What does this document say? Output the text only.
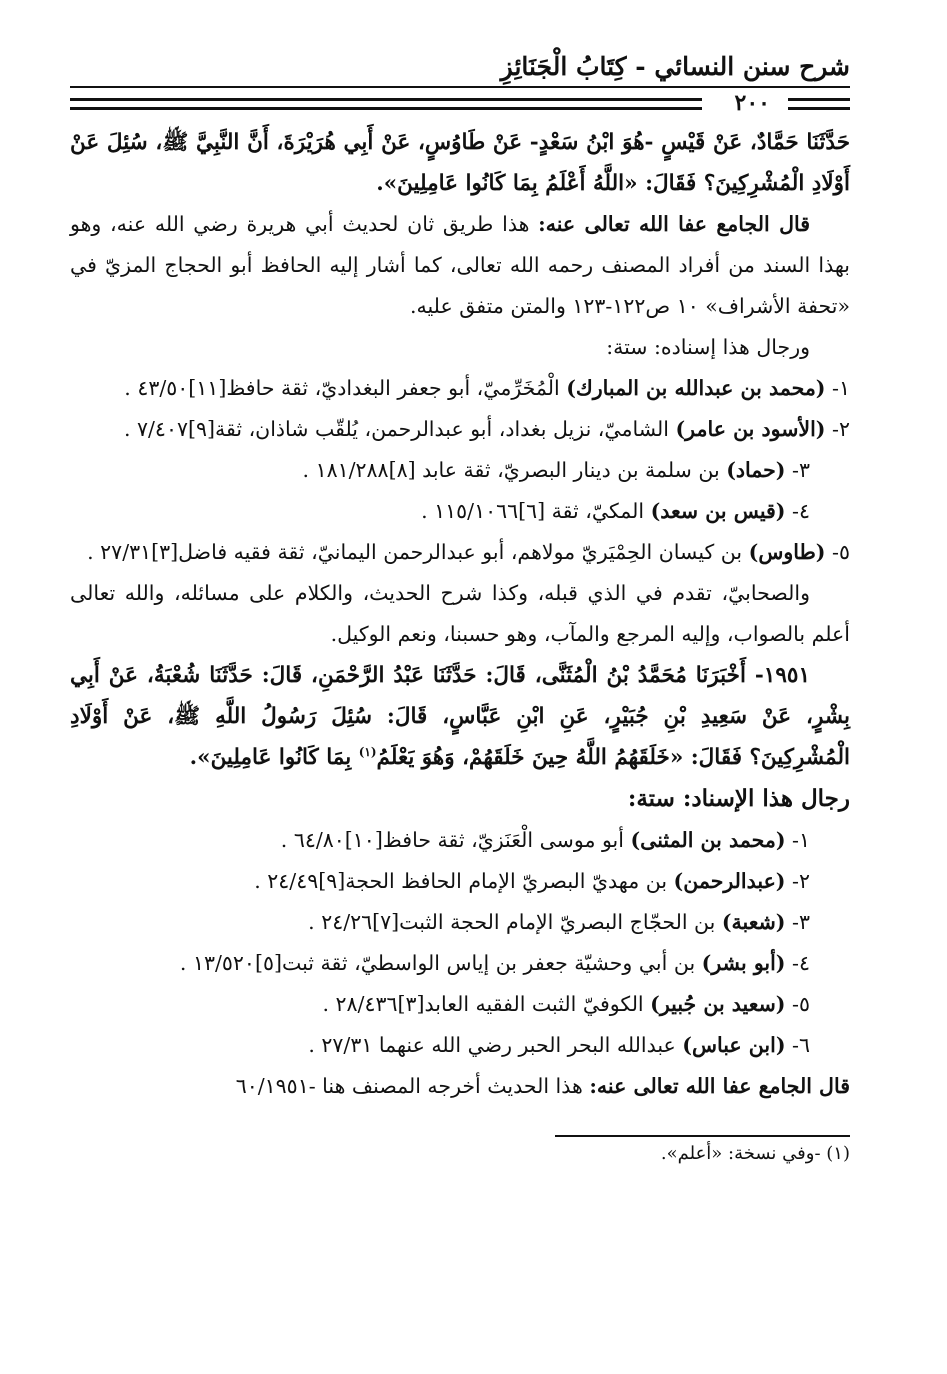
شرح سنن النسائي - كِتَابُ الْجَنَائِزِ
٢٠٠

حَدَّثَنَا حَمَّادٌ، عَنْ قَيْسٍ -هُوَ ابْنُ سَعْدٍ- عَنْ طَاوُسٍ، عَنْ أَبِي هُرَيْرَةَ، أَنَّ النَّبِيَّ ﷺ، سُئِلَ عَنْ أَوْلَادِ الْمُشْرِكِينَ؟ فَقَالَ: «اللَّهُ أَعْلَمُ بِمَا كَانُوا عَامِلِينَ».

قال الجامع عفا الله تعالى عنه: هذا طريق ثان لحديث أبي هريرة رضي الله عنه، وهو بهذا السند من أفراد المصنف رحمه الله تعالى، كما أشار إليه الحافظ أبو الحجاج المزيّ في «تحفة الأشراف» ١٠ ص١٢٢-١٢٣ والمتن متفق عليه.

ورجال هذا إسناده: ستة:

١- (محمد بن عبدالله بن المبارك) الْمُخَرِّميّ، أبو جعفر البغداديّ، ثقة حافظ[١١]٤٣/٥٠ .

٢- (الأسود بن عامر) الشاميّ، نزيل بغداد، أبو عبدالرحمن، يُلقّب شاذان، ثقة[٩]٧/٤٠٧ .

٣- (حماد) بن سلمة بن دينار البصريّ، ثقة عابد [٨]١٨١/٢٨٨ .

٤- (قيس بن سعد) المكيّ، ثقة [٦]١١٥/١٠٦٦ .

٥- (طاوس) بن كيسان الحِمْيَريّ مولاهم، أبو عبدالرحمن اليمانيّ، ثقة فقيه فاضل[٣]٢٧/٣١ .

والصحابيّ، تقدم في الذي قبله، وكذا شرح الحديث، والكلام على مسائله، والله تعالى أعلم بالصواب، وإليه المرجع والمآب، وهو حسبنا، ونعم الوكيل.

١٩٥١- أَخْبَرَنَا مُحَمَّدُ بْنُ الْمُثَنَّى، قَالَ: حَدَّثَنَا عَبْدُ الرَّحْمَنِ، قَالَ: حَدَّثَنَا شُعْبَةُ، عَنْ أَبِي بِشْرٍ، عَنْ سَعِيدِ بْنِ جُبَيْرٍ، عَنِ ابْنِ عَبَّاسٍ، قَالَ: سُئِلَ رَسُولُ اللَّهِ ﷺ، عَنْ أَوْلَادِ الْمُشْرِكِينَ؟ فَقَالَ: «خَلَقَهُمُ اللَّهُ حِينَ خَلَقَهُمْ، وَهُوَ يَعْلَمُ$^{(١)}$ بِمَا كَانُوا عَامِلِينَ».

رجال هذا الإسناد: ستة:

١- (محمد بن المثنى) أبو موسى الْعَنَزيّ، ثقة حافظ[١٠]٦٤/٨٠ .

٢- (عبدالرحمن) بن مهديّ البصريّ الإمام الحافظ الحجة[٩]٢٤/٤٩ .

٣- (شعبة) بن الحجّاج البصريّ الإمام الحجة الثبت[٧]٢٤/٢٦ .

٤- (أبو بشر) بن أبي وحشيّة جعفر بن إياس الواسطيّ، ثقة ثبت[٥]١٣/٥٢٠ .

٥- (سعيد بن جُبير) الكوفيّ الثبت الفقيه العابد[٣]٢٨/٤٣٦ .

٦- (ابن عباس) عبدالله البحر الحبر رضي الله عنهما ٢٧/٣١ .

قال الجامع عفا الله تعالى عنه: هذا الحديث أخرجه المصنف هنا -٦٠/١٩٥١

(١) -وفي نسخة: «أعلم».
